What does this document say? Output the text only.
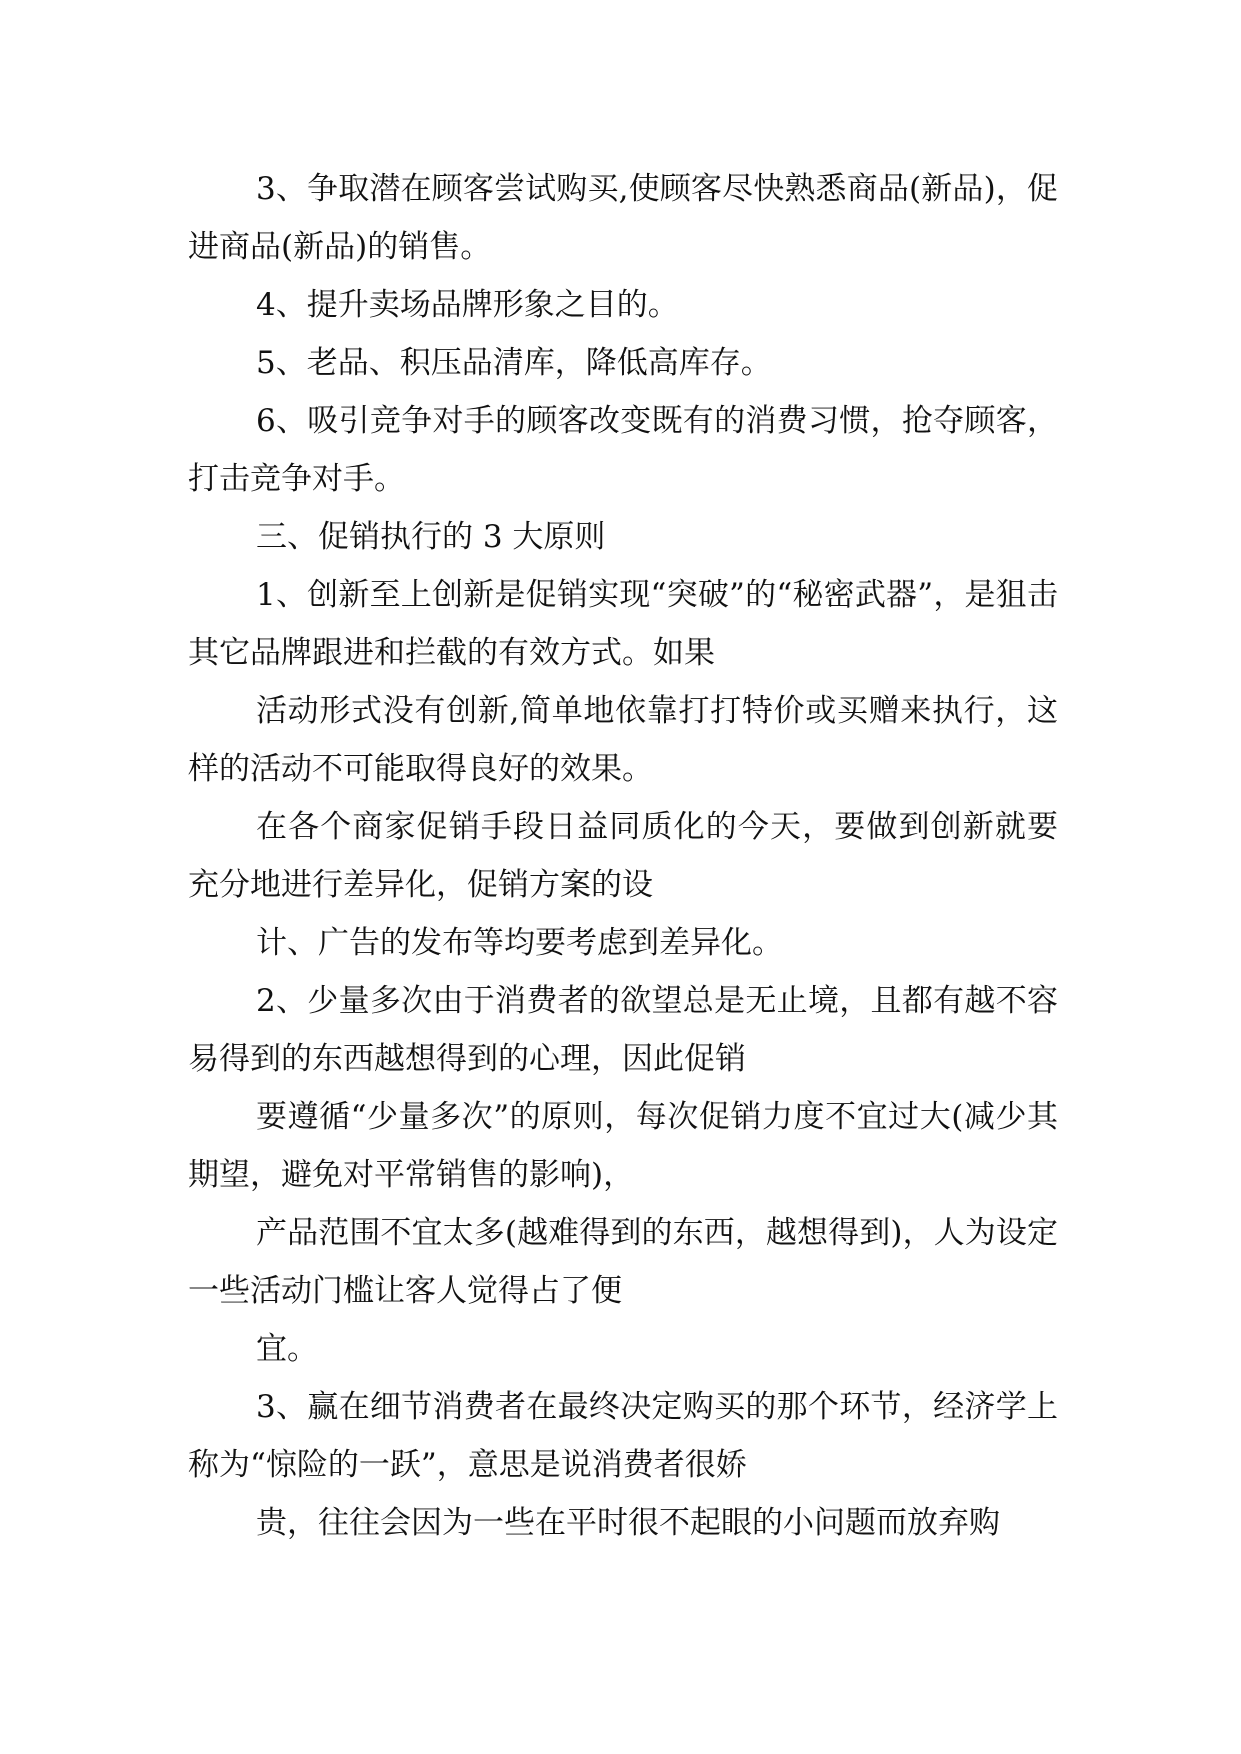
3、争取潜在顾客尝试购买,使顾客尽快熟悉商品(新品)，促进商品(新品)的销售。

4、提升卖场品牌形象之目的。

5、老品、积压品清库，降低高库存。

6、吸引竞争对手的顾客改变既有的消费习惯，抢夺顾客，打击竞争对手。

三、促销执行的 3 大原则

1、创新至上创新是促销实现“突破”的“秘密武器”，是狙击其它品牌跟进和拦截的有效方式。如果

活动形式没有创新,简单地依靠打打特价或买赠来执行，这样的活动不可能取得良好的效果。

在各个商家促销手段日益同质化的今天，要做到创新就要充分地进行差异化，促销方案的设

计、广告的发布等均要考虑到差异化。

2、少量多次由于消费者的欲望总是无止境，且都有越不容易得到的东西越想得到的心理，因此促销

要遵循“少量多次”的原则，每次促销力度不宜过大(减少其期望，避免对平常销售的影响)，

产品范围不宜太多(越难得到的东西，越想得到)，人为设定一些活动门槛让客人觉得占了便

宜。

3、赢在细节消费者在最终决定购买的那个环节，经济学上称为“惊险的一跃”，意思是说消费者很娇

贵，往往会因为一些在平时很不起眼的小问题而放弃购
